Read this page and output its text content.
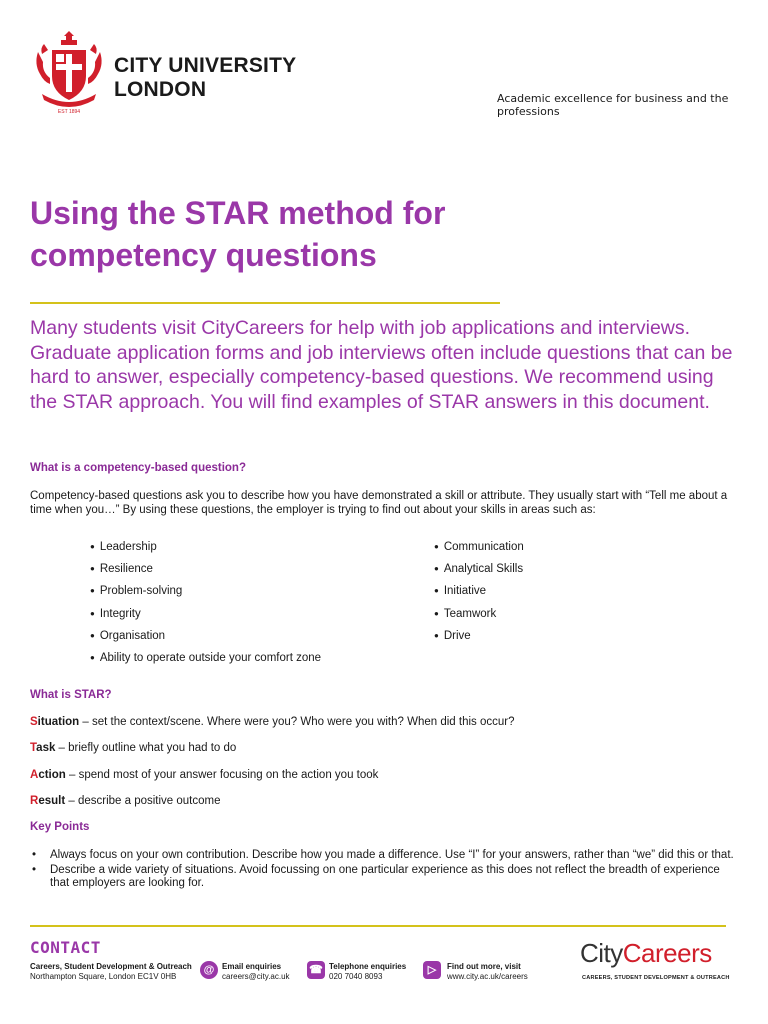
EST 1894
CITY UNIVERSITY
LONDON	Academic excellence for business and the professions
Using the STAR method for
competency questions

Many students visit CityCareers for help with job applications and interviews. Graduate application forms and job interviews often include questions that can be hard to answer, especially competency-based questions. We recommend using the STAR approach. You will find examples of STAR answers in this document.

What is a competency-based question?

Competency-based questions ask you to describe how you have demonstrated a skill or attribute. They usually start with “Tell me about a time when you…” By using these questions, the employer is trying to find out about your skills in areas such as:

● Leadership
● Resilience
● Problem-solving
● Integrity
● Organisation
● Ability to operate outside your comfort zone
● Communication
● Analytical Skills
● Initiative
● Teamwork
● Drive
What is STAR?
Situation – set the context/scene. Where were you? Who were you with? When did this occur?
Task – briefly outline what you had to do
Action – spend most of your answer focusing on the action you took
Result – describe a positive outcome
Key Points
• Always focus on your own contribution. Describe how you made a difference. Use “I” for your answers, rather than “we” did this or that.
• Describe a wide variety of situations. Avoid focussing on one particular experience as this does not reflect the breadth of experience that employers are looking for.
CONTACT
Careers, Student Development & Outreach
Northampton Square, London EC1V 0HB
@ Email enquiries
careers@city.ac.uk
☎ Telephone enquiries
020 7040 8093
▷	Find out more, visit
www.city.ac.uk/careers
CityCareers
CAREERS, STUDENT DEVELOPMENT & OUTREACH
